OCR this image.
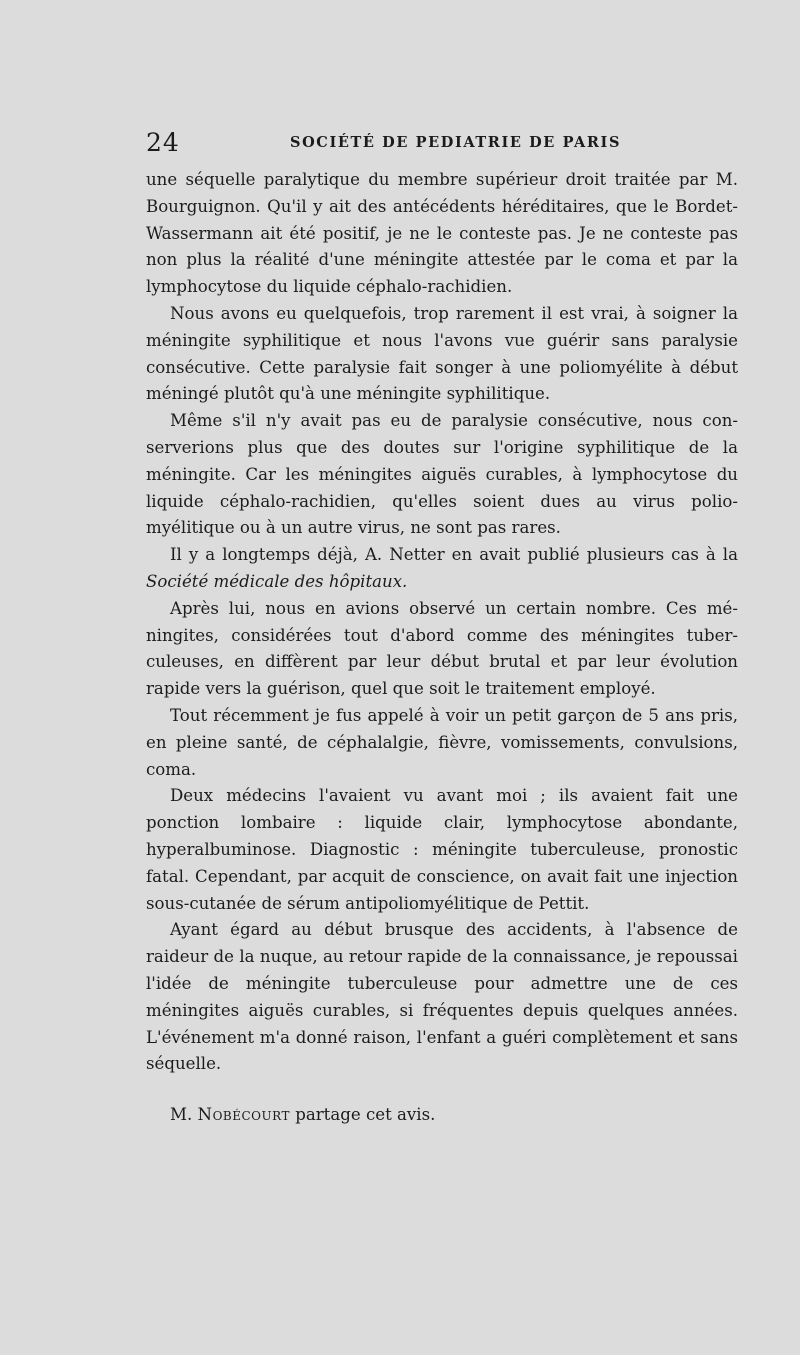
24	SOCIÉTÉ DE PEDIATRIE DE PARIS

une séquelle paralytique du membre supérieur droit traitée par M. Bourguignon. Qu'il y ait des antécédents héréditaires, que le Bordet-Wassermann ait été positif, je ne le conteste pas. Je ne conteste pas non plus la réalité d'une méningite attestée par le coma et par la lymphocytose du liquide céphalo-rachidien.

Nous avons eu quelquefois, trop rarement il est vrai, à soigner la méningite syphilitique et nous l'avons vue guérir sans paralysie consécutive. Cette paralysie fait songer à une poliomyélite à début méningé plutôt qu'à une méningite syphilitique.

Même s'il n'y avait pas eu de paralysie consécutive, nous conserverions plus que des doutes sur l'origine syphilitique de la méningite. Car les méningites aiguës curables, à lymphocytose du liquide céphalo-rachidien, qu'elles soient dues au virus poliomyélitique ou à un autre virus, ne sont pas rares.

Il y a longtemps déjà, A. Netter en avait publié plusieurs cas à la Société médicale des hôpitaux.

Après lui, nous en avions observé un certain nombre. Ces méningites, considérées tout d'abord comme des méningites tuberculeuses, en diffèrent par leur début brutal et par leur évolution rapide vers la guérison, quel que soit le traitement employé.

Tout récemment je fus appelé à voir un petit garçon de 5 ans pris, en pleine santé, de céphalalgie, fièvre, vomissements, convulsions, coma.

Deux médecins l'avaient vu avant moi ; ils avaient fait une ponction lombaire : liquide clair, lymphocytose abondante, hyperalbuminose. Diagnostic : méningite tuberculeuse, pronostic fatal. Cependant, par acquit de conscience, on avait fait une injection sous-cutanée de sérum antipoliomyélitique de Pettit.

Ayant égard au début brusque des accidents, à l'absence de raideur de la nuque, au retour rapide de la connaissance, je repoussai l'idée de méningite tuberculeuse pour admettre une de ces méningites aiguës curables, si fréquentes depuis quelques années. L'événement m'a donné raison, l'enfant a guéri complètement et sans séquelle.

M. Nobécourt partage cet avis.
